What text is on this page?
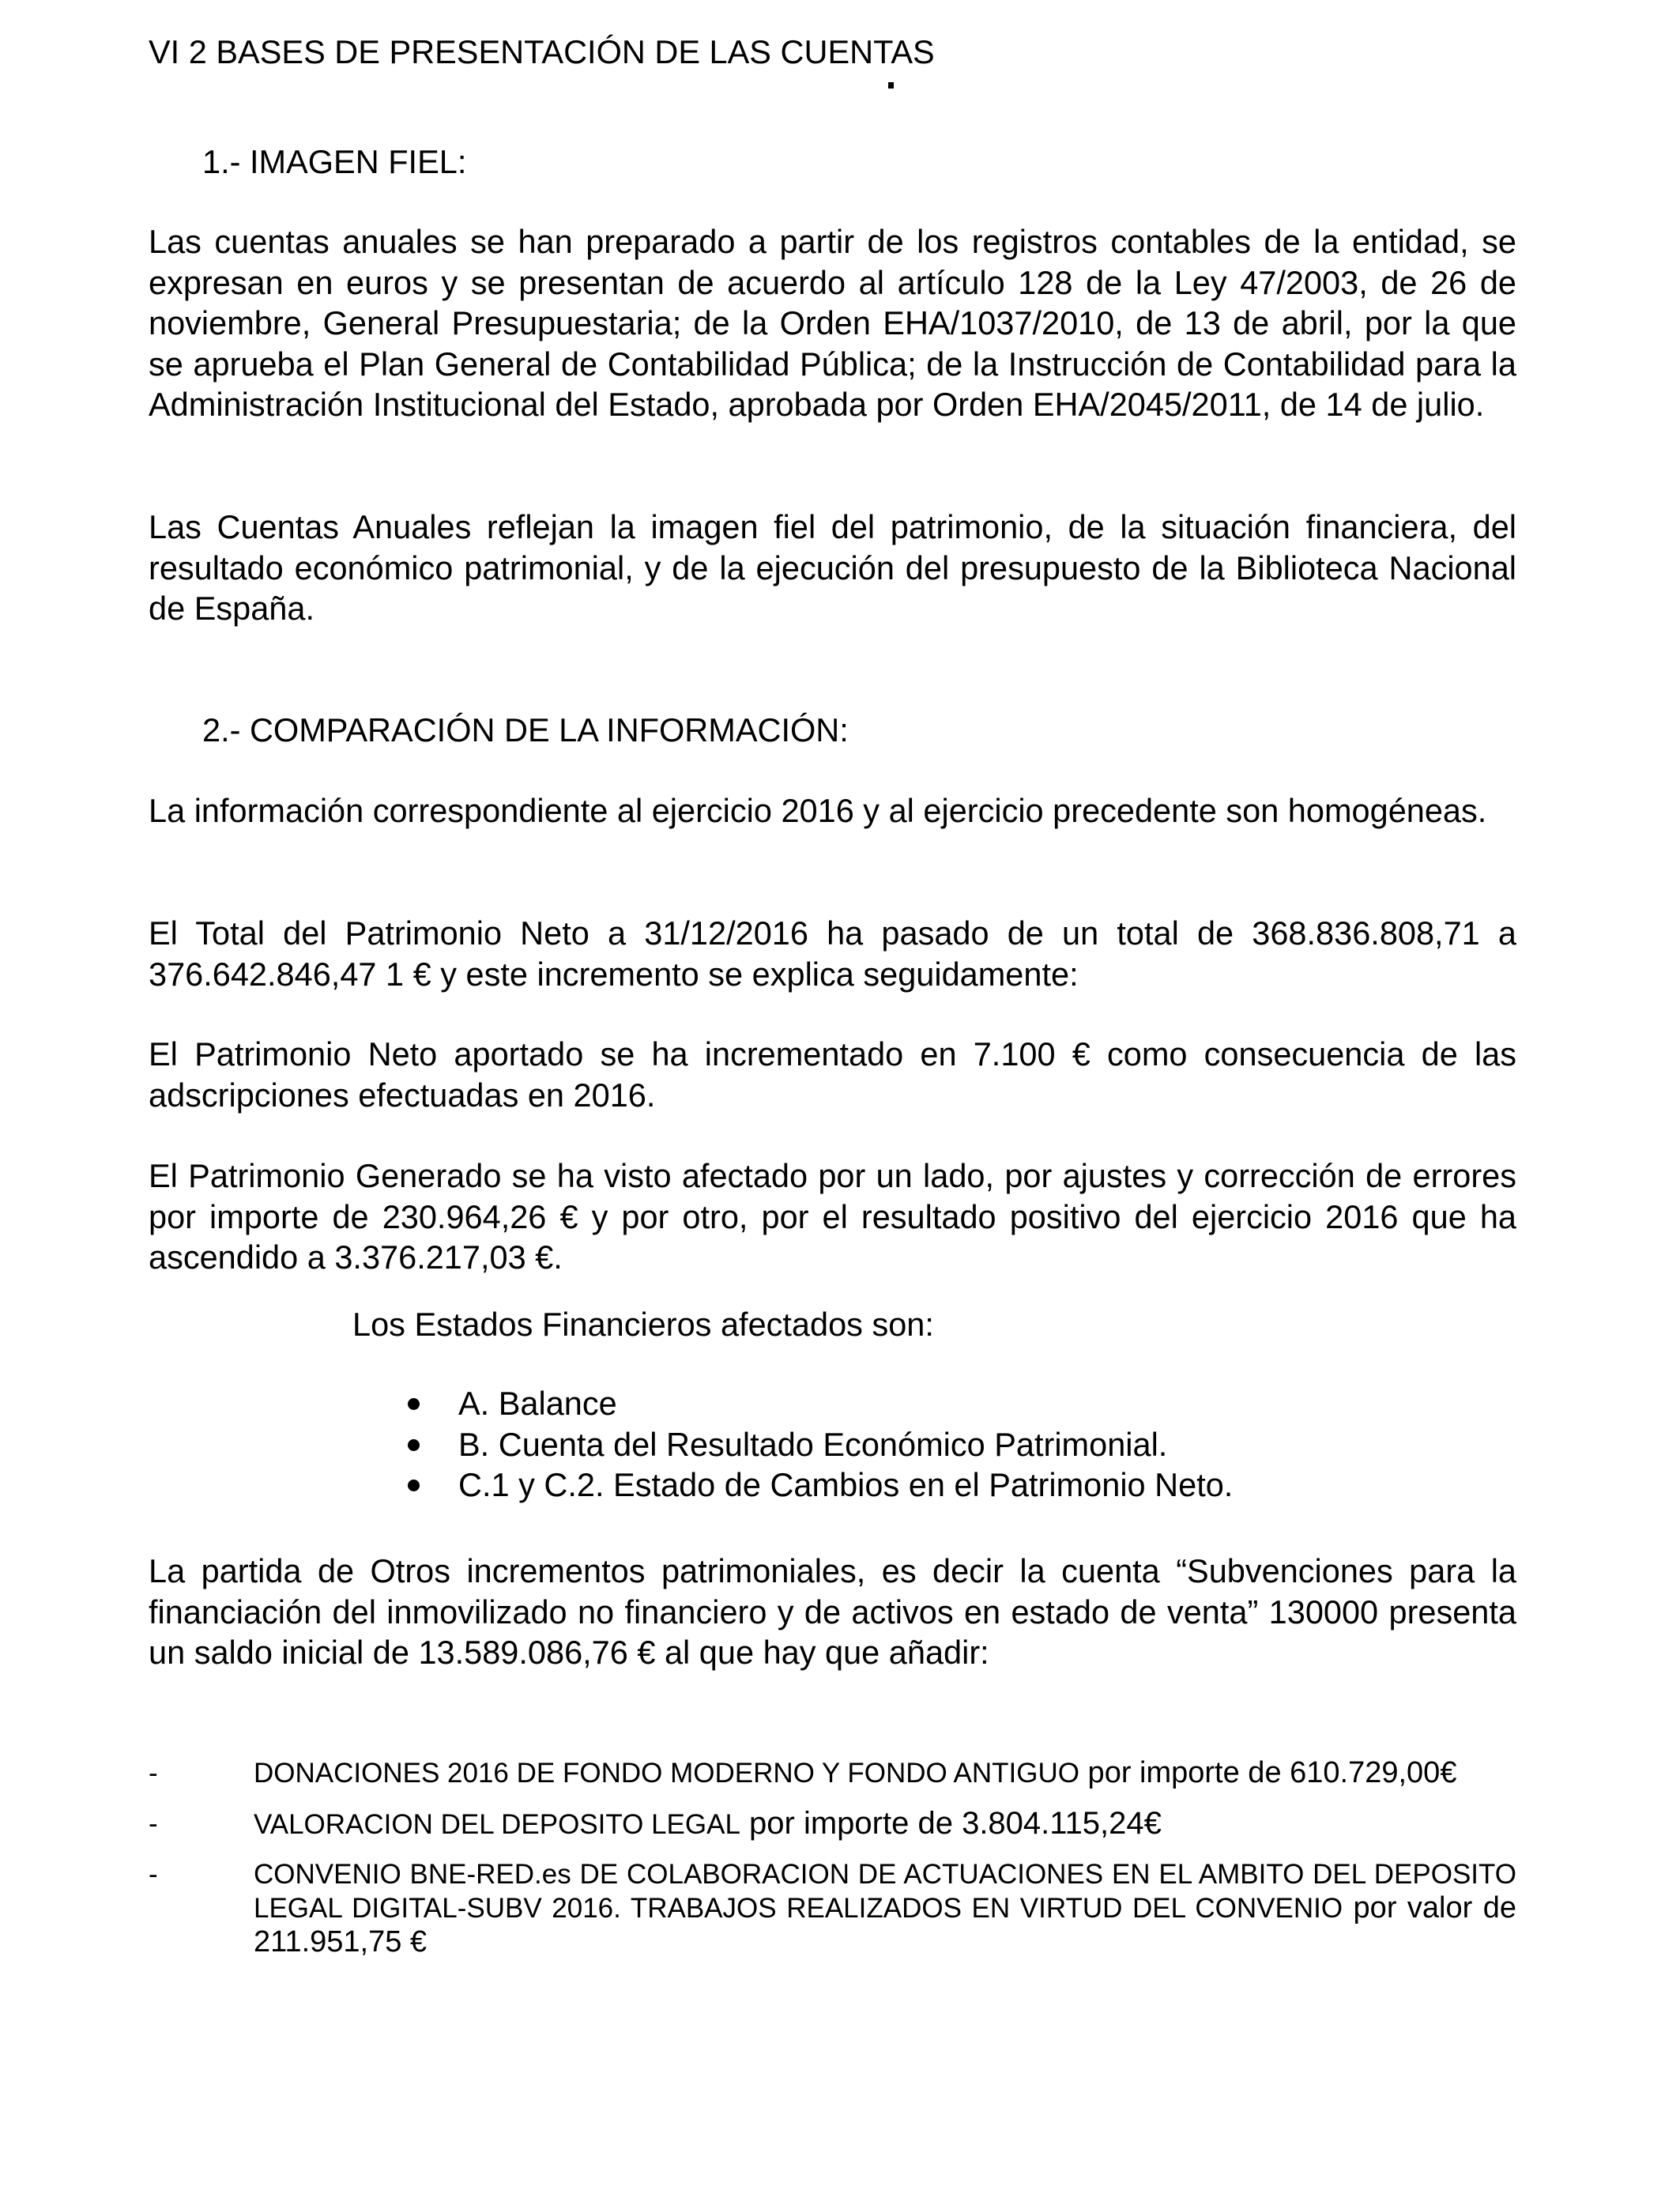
VI 2 BASES DE PRESENTACIÓN DE LAS CUENTAS
1.- IMAGEN FIEL:

Las cuentas anuales se han preparado a partir de los registros contables de la entidad, se expresan en euros y se presentan de acuerdo al artículo 128 de la Ley 47/2003, de 26 de noviembre, General Presupuestaria; de la Orden EHA/1037/2010, de 13 de abril, por la que se aprueba el Plan General de Contabilidad Pública; de la Instrucción de Contabilidad para la Administración Institucional del Estado, aprobada por Orden EHA/2045/2011, de 14 de julio.

Las Cuentas Anuales reflejan la imagen fiel del patrimonio, de la situación financiera, del resultado económico patrimonial, y de la ejecución del presupuesto de la Biblioteca Nacional de España.

2.- COMPARACIÓN DE LA INFORMACIÓN:

La información correspondiente al ejercicio 2016 y al ejercicio precedente son homogéneas.

El Total del Patrimonio Neto a 31/12/2016 ha pasado de un total de 368.836.808,71 a 376.642.846,47 1 € y este incremento se explica seguidamente:

El Patrimonio Neto aportado se ha incrementado en 7.100 € como consecuencia de las adscripciones efectuadas en 2016.

El Patrimonio Generado se ha visto afectado por un lado, por ajustes y corrección de errores por importe de 230.964,26 € y por otro, por el resultado positivo del ejercicio 2016 que ha ascendido a 3.376.217,03 €.

Los Estados Financieros afectados son:

A. Balance
B. Cuenta del Resultado Económico Patrimonial.
C.1 y C.2. Estado de Cambios en el Patrimonio Neto.

La partida de Otros incrementos patrimoniales, es decir la cuenta “Subvenciones para la financiación del inmovilizado no financiero y de activos en estado de venta” 130000 presenta un saldo inicial de 13.589.086,76 € al que hay que añadir:

-	DONACIONES 2016 DE FONDO MODERNO Y FONDO ANTIGUO por importe de 610.729,00€
-	VALORACION DEL DEPOSITO LEGAL por importe de 3.804.115,24€
-	CONVENIO BNE-RED.es DE COLABORACION DE ACTUACIONES EN EL AMBITO DEL DEPOSITO LEGAL DIGITAL-SUBV 2016. TRABAJOS REALIZADOS EN VIRTUD DEL CONVENIO por valor de 211.951,75 €
